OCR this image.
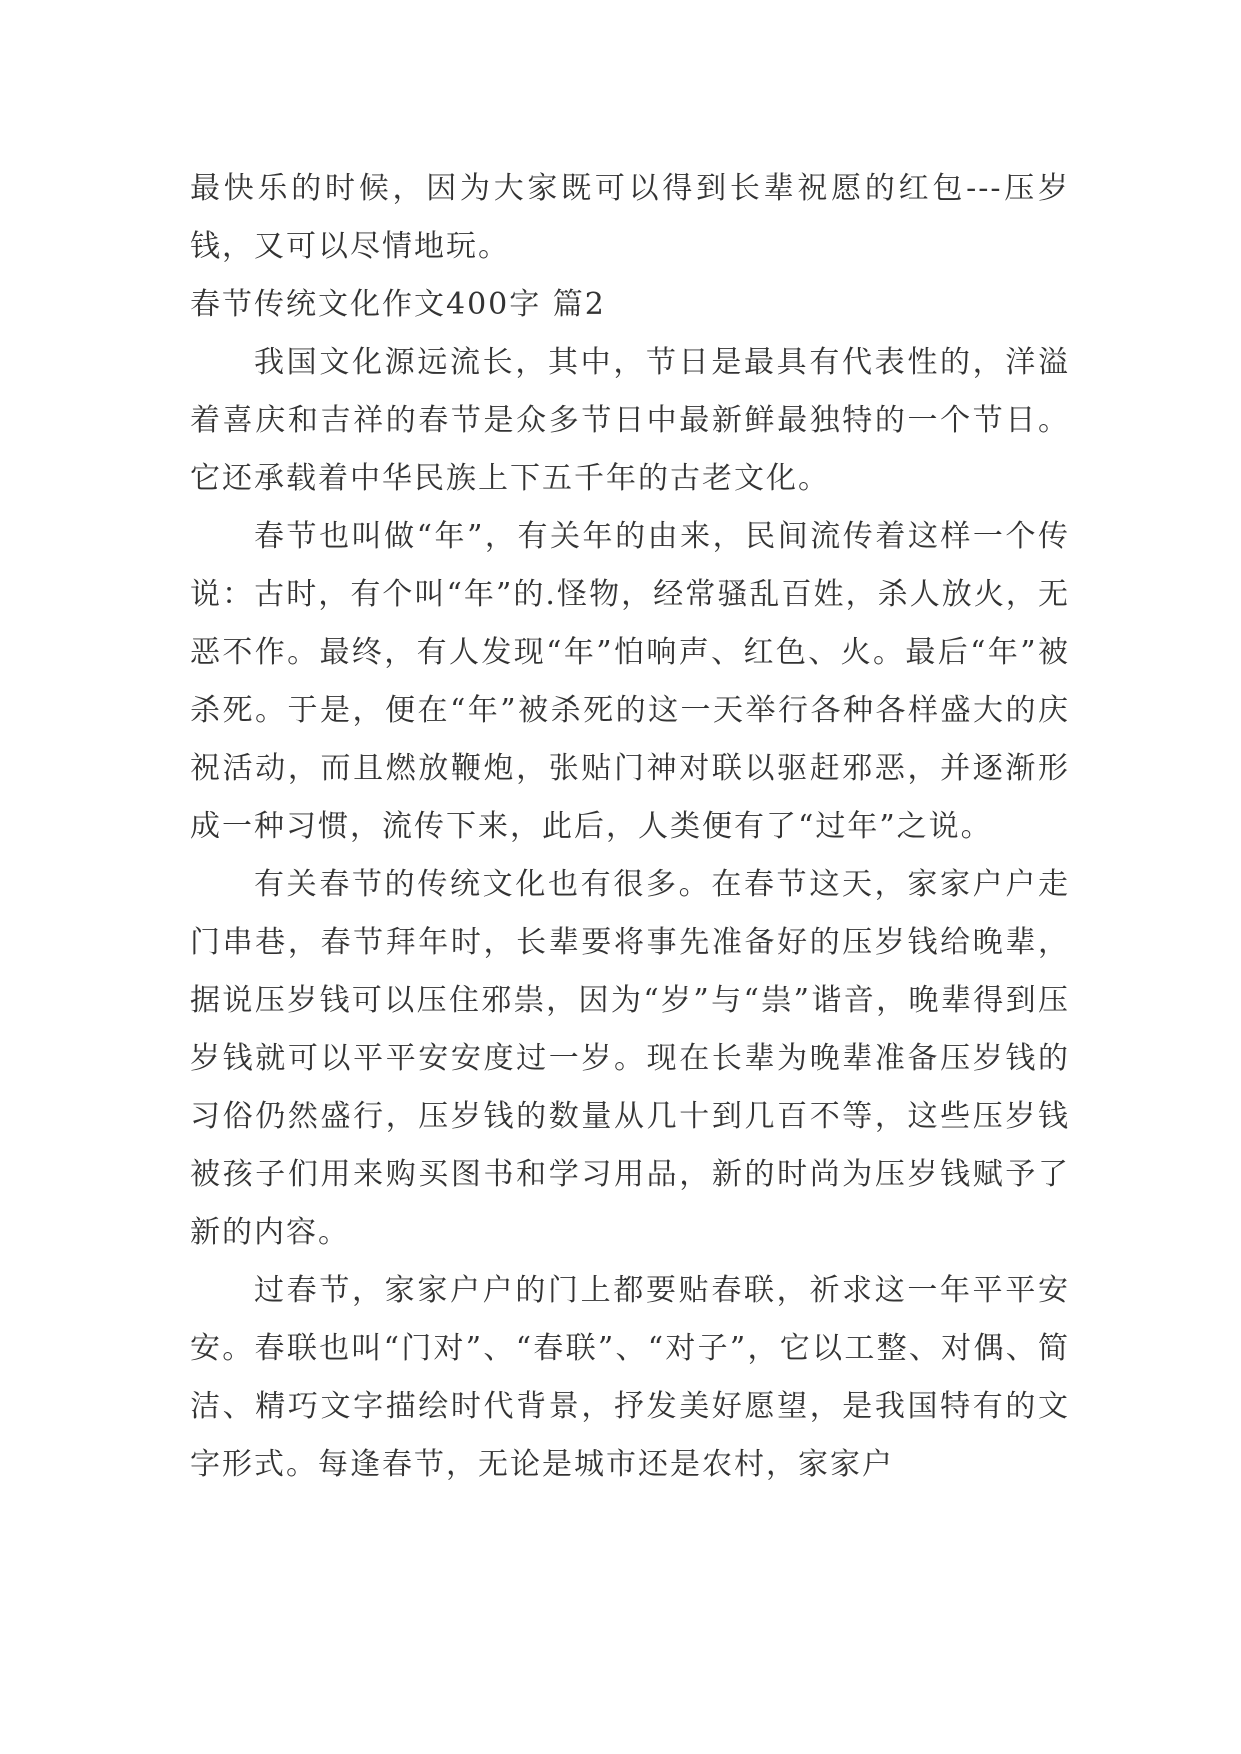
最快乐的时候，因为大家既可以得到长辈祝愿的红包---压岁钱，又可以尽情地玩。

春节传统文化作文400字 篇2

我国文化源远流长，其中，节日是最具有代表性的，洋溢着喜庆和吉祥的春节是众多节日中最新鲜最独特的一个节日。它还承载着中华民族上下五千年的古老文化。

春节也叫做“年”，有关年的由来，民间流传着这样一个传说：古时，有个叫“年”的.怪物，经常骚乱百姓，杀人放火，无恶不作。最终，有人发现“年”怕响声、红色、火。最后“年”被杀死。于是，便在“年”被杀死的这一天举行各种各样盛大的庆祝活动，而且燃放鞭炮，张贴门神对联以驱赶邪恶，并逐渐形成一种习惯，流传下来，此后，人类便有了“过年”之说。

有关春节的传统文化也有很多。在春节这天，家家户户走门串巷，春节拜年时，长辈要将事先准备好的压岁钱给晚辈，据说压岁钱可以压住邪祟，因为“岁”与“祟”谐音，晚辈得到压岁钱就可以平平安安度过一岁。现在长辈为晚辈准备压岁钱的习俗仍然盛行，压岁钱的数量从几十到几百不等，这些压岁钱被孩子们用来购买图书和学习用品，新的时尚为压岁钱赋予了新的内容。

过春节，家家户户的门上都要贴春联，祈求这一年平平安安。春联也叫“门对”、“春联”、“对子”，它以工整、对偶、简洁、精巧文字描绘时代背景，抒发美好愿望，是我国特有的文字形式。每逢春节，无论是城市还是农村，家家户
